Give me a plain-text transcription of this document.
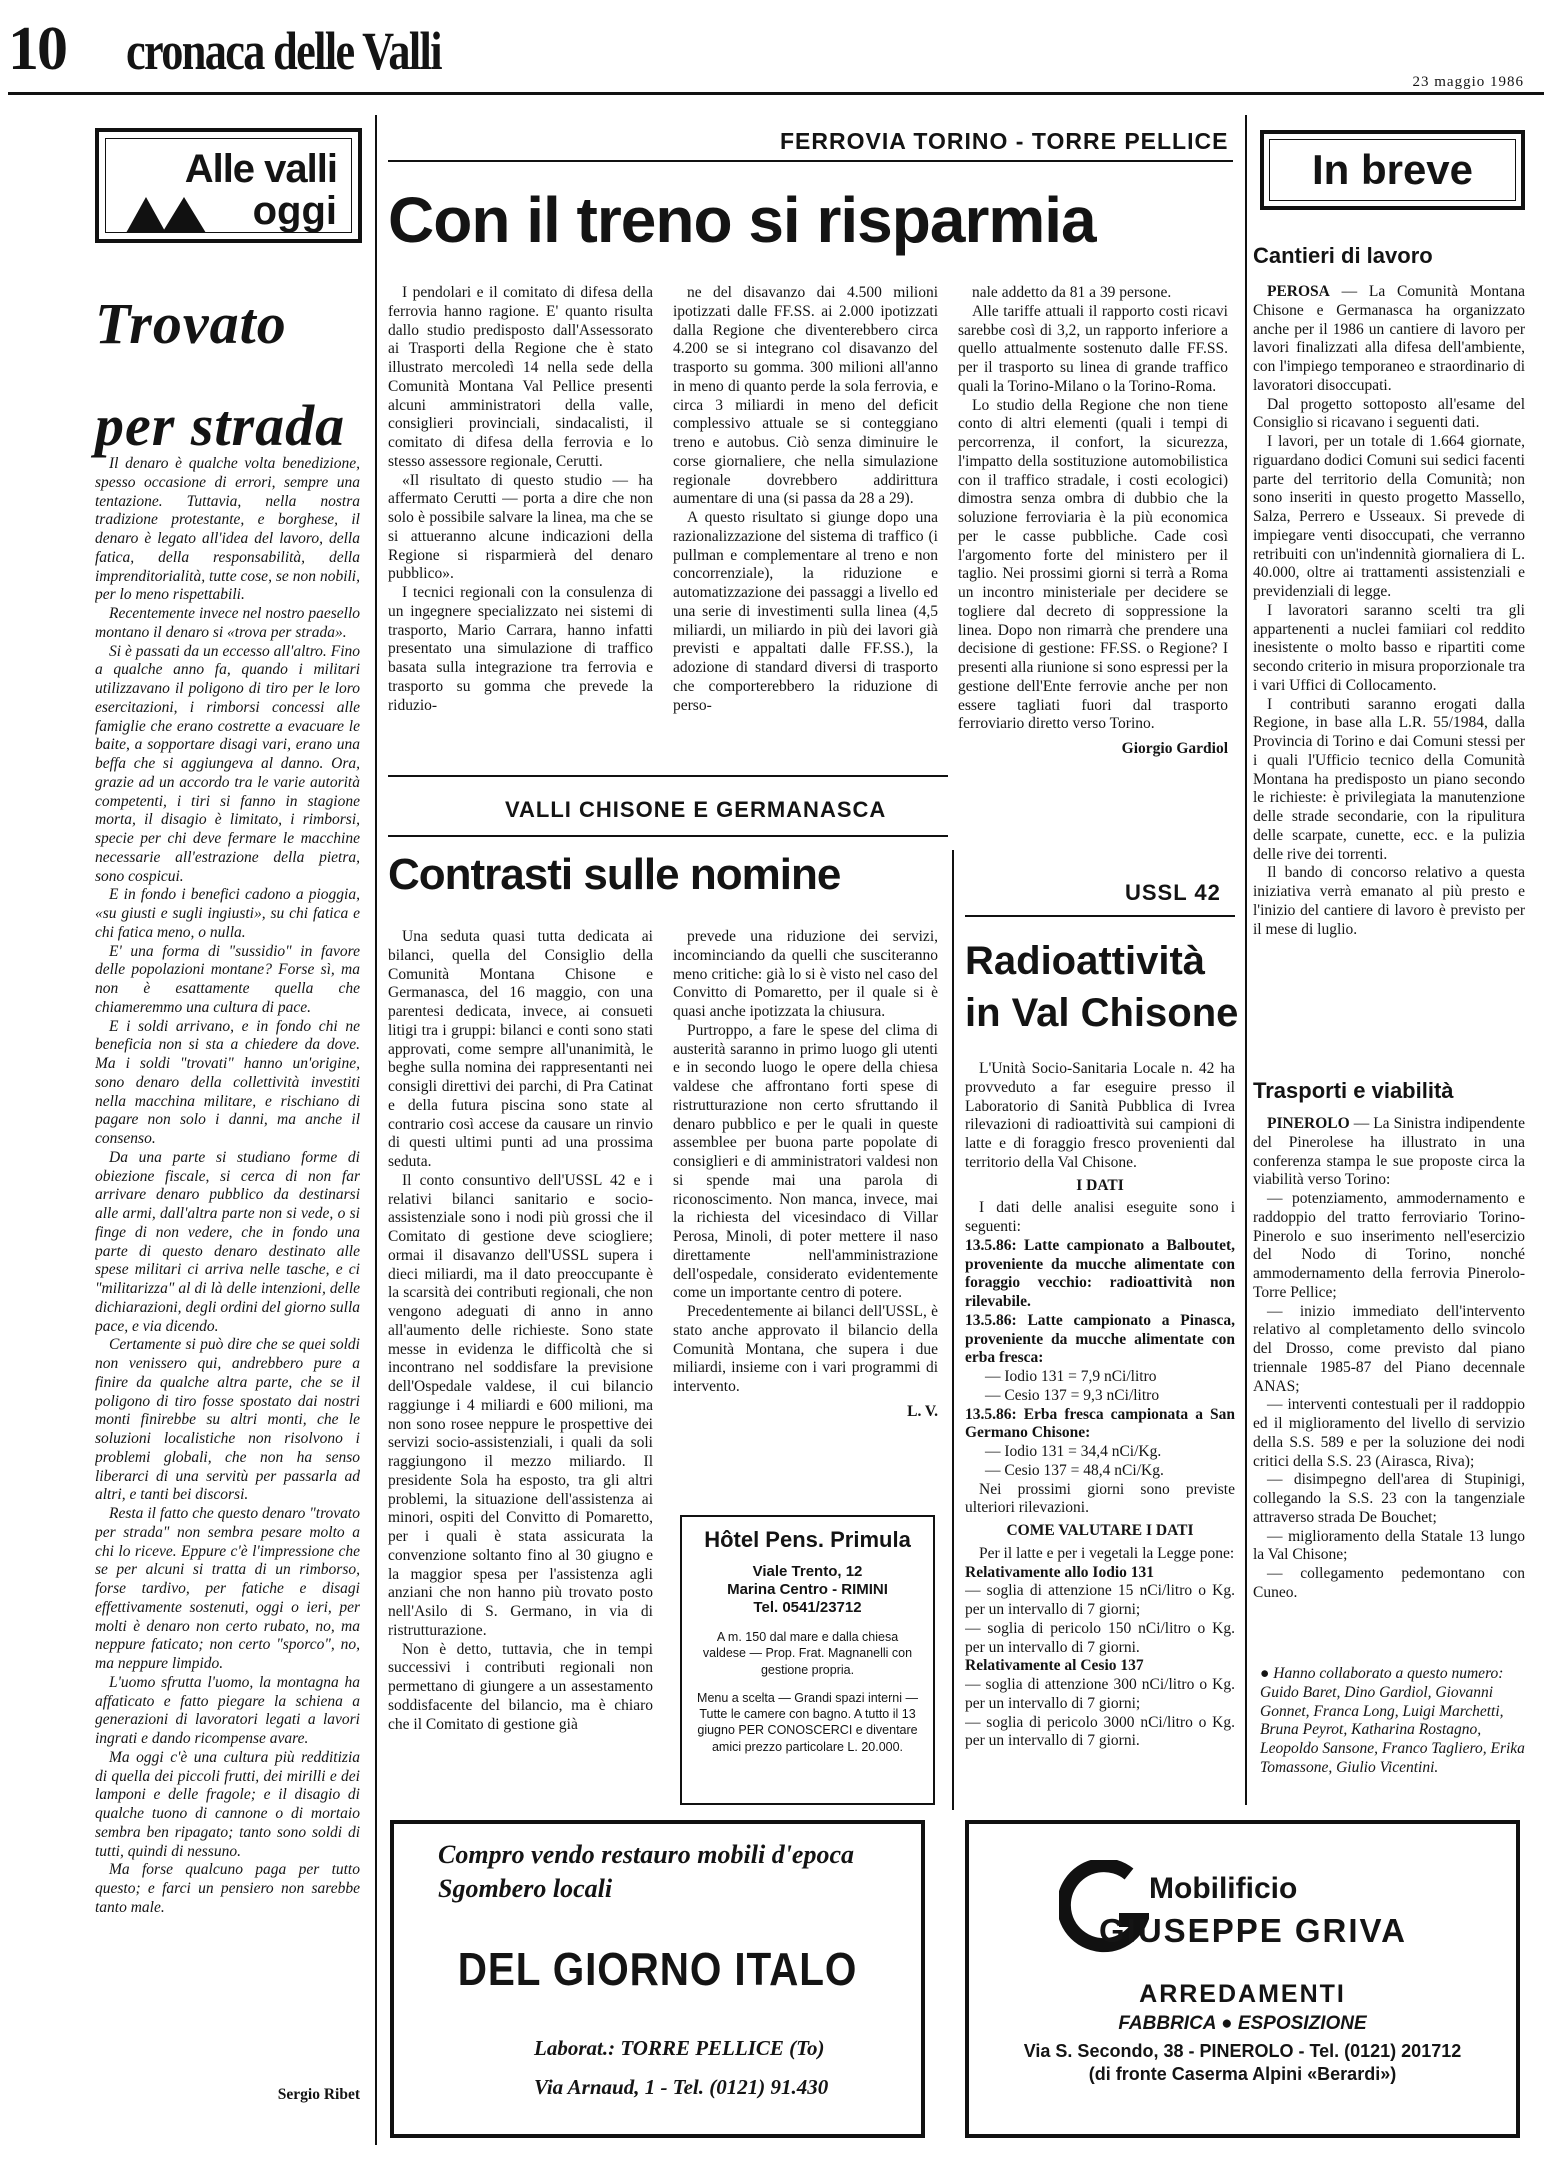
10 cronaca delle Valli
23 maggio 1986
Alle valli
oggi
Trovato
per strada

Il denaro è qualche volta benedizione, spesso occasione di errori, sempre una tentazione. Tuttavia, nella nostra tradizione protestante, e borghese, il denaro è legato all'idea del lavoro, della fatica, della responsabilità, della imprenditorialità, tutte cose, se non nobili, per lo meno rispettabili.

Recentemente invece nel nostro paesello montano il denaro si «trova per strada».

Si è passati da un eccesso all'altro. Fino a qualche anno fa, quando i militari utilizzavano il poligono di tiro per le loro esercitazioni, i rimborsi concessi alle famiglie che erano costrette a evacuare le baite, a sopportare disagi vari, erano una beffa che si aggiungeva al danno. Ora, grazie ad un accordo tra le varie autorità competenti, i tiri si fanno in stagione morta, il disagio è limitato, i rimborsi, specie per chi deve fermare le macchine necessarie all'estrazione della pietra, sono cospicui.

E in fondo i benefici cadono a pioggia, «su giusti e sugli ingiusti», su chi fatica e chi fatica meno, o nulla.

E' una forma di "sussidio" in favore delle popolazioni montane? Forse sì, ma non è esattamente quella che chiameremmo una cultura di pace.

E i soldi arrivano, e in fondo chi ne beneficia non si sta a chiedere da dove. Ma i soldi "trovati" hanno un'origine, sono denaro della collettività investiti nella macchina militare, e rischiano di pagare non solo i danni, ma anche il consenso.

Da una parte si studiano forme di obiezione fiscale, si cerca di non far arrivare denaro pubblico da destinarsi alle armi, dall'altra parte non si vede, o si finge di non vedere, che in fondo una parte di questo denaro destinato alle spese militari ci arriva nelle tasche, e ci "militarizza" al di là delle intenzioni, delle dichiarazioni, degli ordini del giorno sulla pace, e via dicendo.

Certamente si può dire che se quei soldi non venissero qui, andrebbero pure a finire da qualche altra parte, che se il poligono di tiro fosse spostato dai nostri monti finirebbe su altri monti, che le soluzioni localistiche non risolvono i problemi globali, che non ha senso liberarci di una servitù per passarla ad altri, e tanti bei discorsi.

Resta il fatto che questo denaro "trovato per strada" non sembra pesare molto a chi lo riceve. Eppure c'è l'impressione che se per alcuni si tratta di un rimborso, forse tardivo, per fatiche e disagi effettivamente sostenuti, oggi o ieri, per molti è denaro non certo rubato, no, ma neppure faticato; non certo "sporco", no, ma neppure limpido.

L'uomo sfrutta l'uomo, la montagna ha affaticato e fatto piegare la schiena a generazioni di lavoratori legati a lavori ingrati e dando ricompense avare.

Ma oggi c'è una cultura più redditizia di quella dei piccoli frutti, dei mirilli e dei lamponi e delle fragole; e il disagio di qualche tuono di cannone o di mortaio sembra ben ripagato; tanto sono soldi di tutti, quindi di nessuno.

Ma forse qualcuno paga per tutto questo; e farci un pensiero non sarebbe tanto male.

Sergio Ribet
FERROVIA TORINO - TORRE PELLICE
Con il treno si risparmia

I pendolari e il comitato di difesa della ferrovia hanno ragione. E' quanto risulta dallo studio predisposto dall'Assessorato ai Trasporti della Regione che è stato illustrato mercoledì 14 nella sede della Comunità Montana Val Pellice presenti alcuni amministratori della valle, consiglieri provinciali, sindacalisti, il comitato di difesa della ferrovia e lo stesso assessore regionale, Cerutti.

«Il risultato di questo studio — ha affermato Cerutti — porta a dire che non solo è possibile salvare la linea, ma che se si attueranno alcune indicazioni della Regione si risparmierà del denaro pubblico».

I tecnici regionali con la consulenza di un ingegnere specializzato nei sistemi di trasporto, Mario Carrara, hanno infatti presentato una simulazione di traffico basata sulla integrazione tra ferrovia e trasporto su gomma che prevede la riduzio-

ne del disavanzo dai 4.500 milioni ipotizzati dalle FF.SS. ai 2.000 ipotizzati dalla Regione che diventerebbero circa 4.200 se si integrano col disavanzo del trasporto su gomma. 300 milioni all'anno in meno di quanto perde la sola ferrovia, e circa 3 miliardi in meno del deficit complessivo attuale se si conteggiano treno e autobus. Ciò senza diminuire le corse giornaliere, che nella simulazione regionale dovrebbero addirittura aumentare di una (si passa da 28 a 29).

A questo risultato si giunge dopo una razionalizzazione del sistema di traffico (i pullman e complementare al treno e non concorrenziale), la riduzione e automatizzazione dei passaggi a livello ed una serie di investimenti sulla linea (4,5 miliardi, un miliardo in più dei lavori già previsti e appaltati dalle FF.SS.), la adozione di standard diversi di trasporto che comporterebbero la riduzione di perso-

nale addetto da 81 a 39 persone.

Alle tariffe attuali il rapporto costi ricavi sarebbe così di 3,2, un rapporto inferiore a quello attualmente sostenuto dalle FF.SS. per il trasporto su linea di grande traffico quali la Torino-Milano o la Torino-Roma.

Lo studio della Regione che non tiene conto di altri elementi (quali i tempi di percorrenza, il confort, la sicurezza, l'impatto della sostituzione automobilistica con il traffico stradale, i costi ecologici) dimostra senza ombra di dubbio che la soluzione ferroviaria è la più economica per le casse pubbliche. Cade così l'argomento forte del ministero per il taglio. Nei prossimi giorni si terrà a Roma un incontro ministeriale per decidere se togliere dal decreto di soppressione la linea. Dopo non rimarrà che prendere una decisione di gestione: FF.SS. o Regione? I presenti alla riunione si sono espressi per la gestione dell'Ente ferrovie anche per non essere tagliati fuori dal trasporto ferroviario diretto verso Torino.

Giorgio Gardiol
VALLI CHISONE E GERMANASCA
Contrasti sulle nomine

Una seduta quasi tutta dedicata ai bilanci, quella del Consiglio della Comunità Montana Chisone e Germanasca, del 16 maggio, con una parentesi dedicata, invece, ai consueti litigi tra i gruppi: bilanci e conti sono stati approvati, come sempre all'unanimità, le beghe sulla nomina dei rappresentanti nei consigli direttivi dei parchi, di Pra Catinat e della futura piscina sono state al contrario così accese da causare un rinvio di questi ultimi punti ad una prossima seduta.

Il conto consuntivo dell'USSL 42 e i relativi bilanci sanitario e socio-assistenziale sono i nodi più grossi che il Comitato di gestione deve sciogliere; ormai il disavanzo dell'USSL supera i dieci miliardi, ma il dato preoccupante è la scarsità dei contributi regionali, che non vengono adeguati di anno in anno all'aumento delle richieste. Sono state messe in evidenza le difficoltà che si incontrano nel soddisfare la previsione dell'Ospedale valdese, il cui bilancio raggiunge i 4 miliardi e 600 milioni, ma non sono rosee neppure le prospettive dei servizi socio-assistenziali, i quali da soli raggiungono il mezzo miliardo. Il presidente Sola ha esposto, tra gli altri problemi, la situazione dell'assistenza ai minori, ospiti del Convitto di Pomaretto, per i quali è stata assicurata la convenzione soltanto fino al 30 giugno e la maggior spesa per l'assistenza agli anziani che non hanno più trovato posto nell'Asilo di S. Germano, in via di ristrutturazione.

Non è detto, tuttavia, che in tempi successivi i contributi regionali non permettano di giungere a un assestamento soddisfacente del bilancio, ma è chiaro che il Comitato di gestione già

prevede una riduzione dei servizi, incominciando da quelli che susciteranno meno critiche: già lo si è visto nel caso del Convitto di Pomaretto, per il quale si è quasi anche ipotizzata la chiusura.

Purtroppo, a fare le spese del clima di austerità saranno in primo luogo gli utenti e in secondo luogo le opere della chiesa valdese che affrontano forti spese di ristrutturazione non certo sfruttando il denaro pubblico e per le quali in queste assemblee per buona parte popolate di consiglieri e di amministratori valdesi non si spende mai una parola di riconoscimento. Non manca, invece, mai la richiesta del vicesindaco di Villar Perosa, Minoli, di poter mettere il naso direttamente nell'amministrazione dell'ospedale, considerato evidentemente come un importante centro di potere.

Precedentemente ai bilanci dell'USSL, è stato anche approvato il bilancio della Comunità Montana, che supera i due miliardi, insieme con i vari programmi di intervento.

L. V.
Hôtel Pens. Primula
Viale Trento, 12
Marina Centro - RIMINI
Tel. 0541/23712
A m. 150 dal mare e dalla chiesa valdese — Prop. Frat. Magnanelli con gestione propria.
Menu a scelta — Grandi spazi interni — Tutte le camere con bagno. A tutto il 13 giugno PER CONOSCERCI e diventare amici prezzo particolare L. 20.000.
USSL 42
Radioattività
in Val Chisone

L'Unità Socio-Sanitaria Locale n. 42 ha provveduto a far eseguire presso il Laboratorio di Sanità Pubblica di Ivrea rilevazioni di radioattività sui campioni di latte e di foraggio fresco provenienti dal territorio della Val Chisone.

I DATI

I dati delle analisi eseguite sono i seguenti:

13.5.86: Latte campionato a Balboutet, proveniente da mucche alimentate con foraggio vecchio: radioattività non rilevabile.
13.5.86: Latte campionato a Pinasca, proveniente da mucche alimentate con erba fresca:
— Iodio 131 = 7,9 nCi/litro
— Cesio 137 = 9,3 nCi/litro
13.5.86: Erba fresca campionata a San Germano Chisone:
— Iodio 131 = 34,4 nCi/Kg.
— Cesio 137 = 48,4 nCi/Kg.

Nei prossimi giorni sono previste ulteriori rilevazioni.

COME VALUTARE I DATI

Per il latte e per i vegetali la Legge pone:

Relativamente allo Iodio 131
— soglia di attenzione 15 nCi/litro o Kg. per un intervallo di 7 giorni;
— soglia di pericolo 150 nCi/litro o Kg. per un intervallo di 7 giorni.
Relativamente al Cesio 137
— soglia di attenzione 300 nCi/litro o Kg. per un intervallo di 7 giorni;
— soglia di pericolo 3000 nCi/litro o Kg. per un intervallo di 7 giorni.
In breve
Cantieri di lavoro

PEROSA — La Comunità Montana Chisone e Germanasca ha organizzato anche per il 1986 un cantiere di lavoro per lavori finalizzati alla difesa dell'ambiente, con l'impiego temporaneo e straordinario di lavoratori disoccupati.

Dal progetto sottoposto all'esame del Consiglio si ricavano i seguenti dati.

I lavori, per un totale di 1.664 giornate, riguardano dodici Comuni sui sedici facenti parte del territorio della Comunità; non sono inseriti in questo progetto Massello, Salza, Perrero e Usseaux. Si prevede di impiegare venti disoccupati, che verranno retribuiti con un'indennità giornaliera di L. 40.000, oltre ai trattamenti assistenziali e previdenziali di legge.

I lavoratori saranno scelti tra gli appartenenti a nuclei famiiari col reddito inesistente o molto basso e ripartiti come secondo criterio in misura proporzionale tra i vari Uffici di Collocamento.

I contributi saranno erogati dalla Regione, in base alla L.R. 55/1984, dalla Provincia di Torino e dai Comuni stessi per i quali l'Ufficio tecnico della Comunità Montana ha predisposto un piano secondo le richieste: è privilegiata la manutenzione delle strade secondarie, con la ripulitura delle scarpate, cunette, ecc. e la pulizia delle rive dei torrenti.

Il bando di concorso relativo a questa iniziativa verrà emanato al più presto e l'inizio del cantiere di lavoro è previsto per il mese di luglio.

Trasporti e viabilità

PINEROLO — La Sinistra indipendente del Pinerolese ha illustrato in una conferenza stampa le sue proposte circa la viabilità verso Torino:

— potenziamento, ammodernamento e raddoppio del tratto ferroviario Torino-Pinerolo e suo inserimento nell'esercizio del Nodo di Torino, nonché ammodernamento della ferrovia Pinerolo-Torre Pellice;

— inizio immediato dell'intervento relativo al completamento dello svincolo del Drosso, come previsto dal piano triennale 1985-87 del Piano decennale ANAS;

— interventi contestuali per il raddoppio ed il miglioramento del livello di servizio della S.S. 589 e per la soluzione dei nodi critici della S.S. 23 (Airasca, Riva);

— disimpegno dell'area di Stupinigi, collegando la S.S. 23 con la tangenziale attraverso strada De Bouchet;

— miglioramento della Statale 13 lungo la Val Chisone;

— collegamento pedemontano con Cuneo.

● Hanno collaborato a questo numero: Guido Baret, Dino Gardiol, Giovanni Gonnet, Franca Long, Luigi Marchetti, Bruna Peyrot, Katharina Rostagno, Leopoldo Sansone, Franco Tagliero, Erika Tomassone, Giulio Vicentini.
Compro vendo restauro mobili d'epoca
Sgombero locali
DEL GIORNO ITALO
Laborat.: TORRE PELLICE (To)
Via Arnaud, 1 - Tel. (0121) 91.430
Mobilificio
GIUSEPPE GRIVA
ARREDAMENTI
FABBRICA ● ESPOSIZIONE
Via S. Secondo, 38 - PINEROLO - Tel. (0121) 201712
(di fronte Caserma Alpini «Berardi»)
